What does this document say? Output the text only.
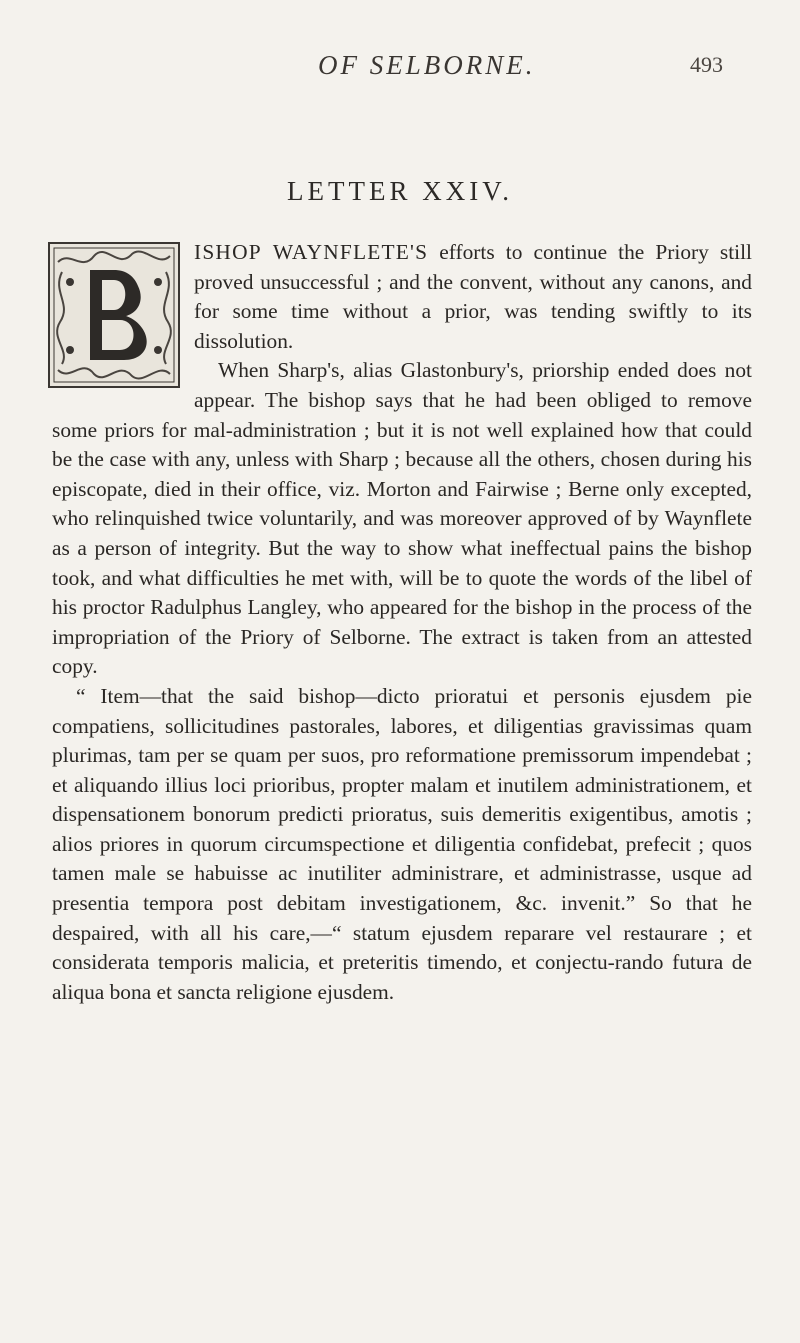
OF SELBORNE.	493
LETTER XXIV.

ISHOP WAYNFLETE'S efforts to continue the Priory still proved unsuccessful ; and the convent, without any canons, and for some time without a prior, was tending swiftly to its dissolution.

When Sharp's, alias Glastonbury's, priorship ended does not appear. The bishop says that he had been obliged to remove some priors for mal-administration ; but it is not well explained how that could be the case with any, unless with Sharp ; because all the others, chosen during his episcopate, died in their office, viz. Morton and Fairwise ; Berne only excepted, who relinquished twice voluntarily, and was moreover approved of by Waynflete as a person of integrity. But the way to show what ineffectual pains the bishop took, and what difficulties he met with, will be to quote the words of the libel of his proctor Radulphus Langley, who appeared for the bishop in the process of the impropriation of the Priory of Selborne. The extract is taken from an attested copy.

“ Item—that the said bishop—dicto prioratui et personis ejusdem pie compatiens, sollicitudines pastorales, labores, et diligentias gravissimas quam plurimas, tam per se quam per suos, pro reformatione premissorum impendebat ; et aliquando illius loci prioribus, propter malam et inutilem administrationem, et dispensationem bonorum predicti prioratus, suis demeritis exigentibus, amotis ; alios priores in quorum circumspectione et diligentia confidebat, prefecit ; quos tamen male se habuisse ac inutiliter administrare, et administrasse, usque ad presentia tempora post debitam investigationem, &c. invenit.” So that he despaired, with all his care,—“ statum ejusdem reparare vel restaurare ; et considerata temporis malicia, et preteritis timendo, et conjectu-rando futura de aliqua bona et sancta religione ejusdem.
